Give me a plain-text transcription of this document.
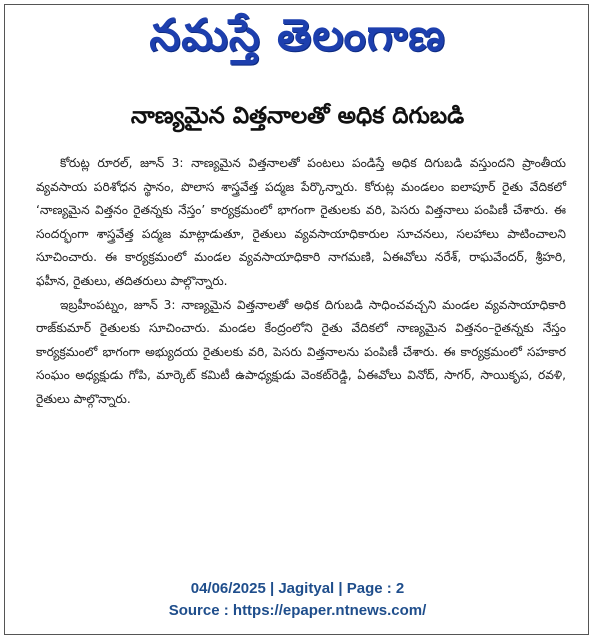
నమస్తే తెలంగాణ
నాణ్యమైన విత్తనాలతో అధిక దిగుబడి

కోరుట్ల రూరల్, జూన్ 3: నాణ్యమైన విత్తనాలతో పంటలు పండిస్తే అధిక దిగుబడి వస్తుందని ప్రాంతీయ వ్యవసాయ పరిశోధన స్థానం, పొలాస శాస్త్రవేత్త పద్మజ పేర్కొన్నారు. కోరుట్ల మండలం ఐలాపూర్ రైతు వేదికలో ‘నాణ్యమైన విత్తనం రైతన్నకు నేస్తం’ కార్యక్రమంలో భాగంగా రైతులకు వరి, పెసరు విత్తనాలు పంపిణీ చేశారు. ఈ సందర్భంగా శాస్త్రవేత్త పద్మజ మాట్లాడుతూ, రైతులు వ్యవసాయాధికారుల సూచనలు, సలహాలు పాటించాలని సూచించారు. ఈ కార్యక్రమంలో మండల వ్యవసాయాధికారి నాగమణి, ఏఈవోలు నరేశ్, రాఘవేందర్, శ్రీహరి, ఫహీన, రైతులు, తదితరులు పాల్గొన్నారు.

ఇబ్రహీంపట్నం, జూన్ 3: నాణ్యమైన విత్తనాలతో అధిక దిగుబడి సాధించవచ్చని మండల వ్యవసాయాధికారి రాజ్‌కుమార్ రైతులకు సూచించారు. మండల కేంద్రంలోని రైతు వేదికలో నాణ్యమైన విత్తనం–రైతన్నకు నేస్తం కార్యక్రమంలో భాగంగా అభ్యుదయ రైతులకు వరి, పెసరు విత్తనాలను పంపిణీ చేశారు. ఈ కార్యక్రమంలో సహకార సంఘం అధ్యక్షుడు గోపి, మార్కెట్ కమిటీ ఉపాధ్యక్షుడు వెంకట్‌రెడ్డి, ఏఈవోలు వినోద్, సాగర్, సాయికృప, రవళి, రైతులు పాల్గొన్నారు.

04/06/2025 | Jagityal | Page : 2
Source : https://epaper.ntnews.com/
